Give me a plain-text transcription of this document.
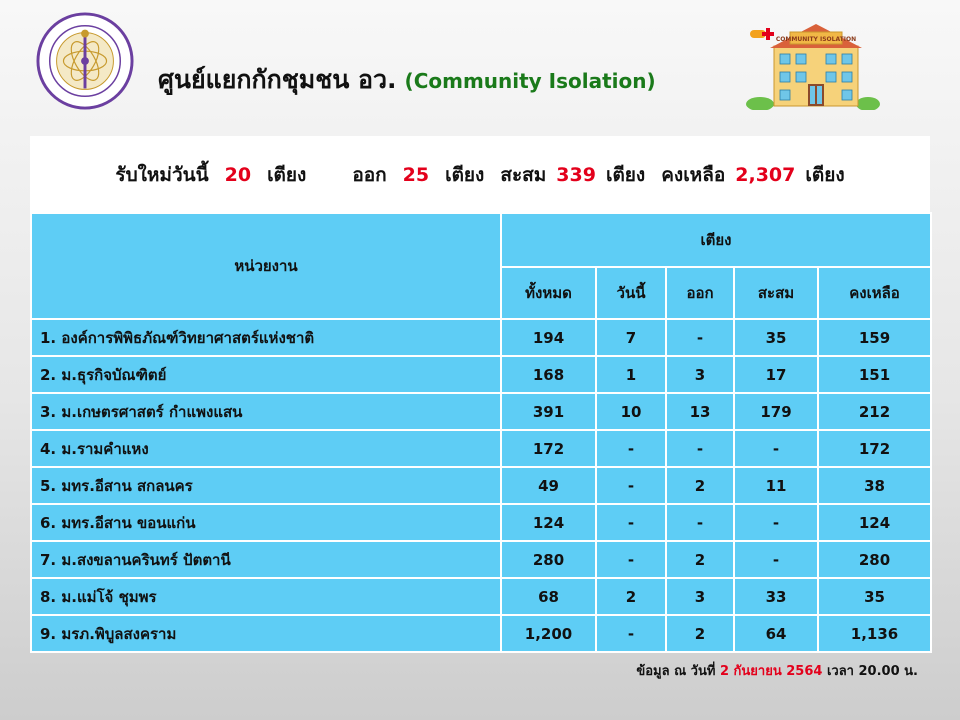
ศูนย์แยกกักชุมชน อว. (Community Isolation)
COMMUNITY ISOLATION
รับใหม่วันนี้ 20 เตียง ออก 25 เตียง สะสม 339 เตียง คงเหลือ 2,307 เตียง
หน่วยงาน	เตียง				
	ทั้งหมด	วันนี้	ออก	สะสม	คงเหลือ
1. องค์การพิพิธภัณฑ์วิทยาศาสตร์แห่งชาติ	194	7	-	35	159
2. ม.ธุรกิจบัณฑิตย์	168	1	3	17	151
3. ม.เกษตรศาสตร์ กำแพงแสน	391	10	13	179	212
4. ม.รามคำแหง	172	-	-	-	172
5. มทร.อีสาน สกลนคร	49	-	2	11	38
6. มทร.อีสาน ขอนแก่น	124	-	-	-	124
7. ม.สงขลานครินทร์ ปัตตานี	280	-	2	-	280
8. ม.แม่โจ้ ชุมพร	68	2	3	33	35
9. มรภ.พิบูลสงคราม	1,200	-	2	64	1,136
ข้อมูล ณ วันที่ 2 กันยายน 2564 เวลา 20.00 น.
